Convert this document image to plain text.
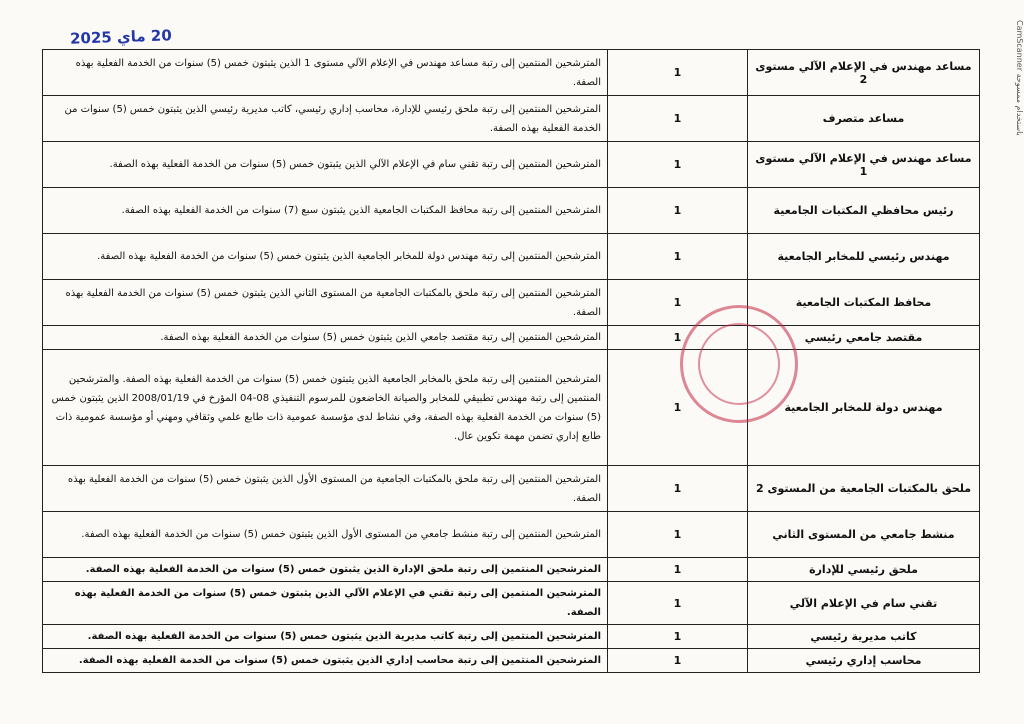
20 ماي 2025	CamScanner باستخدام ممسوحة
مساعد مهندس في الإعلام الآلي مستوى 2	1	المترشحين المنتمين إلى رتبة مساعد مهندس في الإعلام الآلي مستوى 1 الذين يثبتون خمس (5) سنوات من الخدمة الفعلية بهذه الصفة.
مساعد متصرف	1	المترشحين المنتمين إلى رتبة ملحق رئيسي للإدارة، محاسب إداري رئيسي، كاتب مديرية رئيسي الذين يثبتون خمس (5) سنوات من الخدمة الفعلية بهذه الصفة.
مساعد مهندس في الإعلام الآلي مستوى 1	1	المترشحين المنتمين إلى رتبة تقني سام في الإعلام الآلي الذين يثبتون خمس (5) سنوات من الخدمة الفعلية بهذه الصفة.
رئيس محافظي المكتبات الجامعية	1	المترشحين المنتمين إلى رتبة محافظ المكتبات الجامعية الذين يثبتون سبع (7) سنوات من الخدمة الفعلية بهذه الصفة.
مهندس رئيسي للمخابر الجامعية	1	المترشحين المنتمين إلى رتبة مهندس دولة للمخابر الجامعية الذين يثبتون خمس (5) سنوات من الخدمة الفعلية بهذه الصفة.
محافظ المكتبات الجامعية	1	المترشحين المنتمين إلى رتبة ملحق بالمكتبات الجامعية من المستوى الثاني الذين يثبتون خمس (5) سنوات من الخدمة الفعلية بهذه الصفة.
مقتصد جامعي رئيسي	1	المترشحين المنتمين إلى رتبة مقتصد جامعي الذين يثبتون خمس (5) سنوات من الخدمة الفعلية بهذه الصفة.
مهندس دولة للمخابر الجامعية	1	المترشحين المنتمين إلى رتبة ملحق بالمخابر الجامعية الذين يثبتون خمس (5) سنوات من الخدمة الفعلية بهذه الصفة. والمترشحين المنتمين إلى رتبة مهندس تطبيقي للمخابر والصيانة الخاضعون للمرسوم التنفيذي 08-04 المؤرخ في 2008/01/19 الذين يثبتون خمس (5) سنوات من الخدمة الفعلية بهذه الصفة، وفي نشاط لدى مؤسسة عمومية ذات طابع علمي وثقافي ومهني أو مؤسسة عمومية ذات طابع إداري تضمن مهمة تكوين عال.
ملحق بالمكتبات الجامعية من المستوى 2	1	المترشحين المنتمين إلى رتبة ملحق بالمكتبات الجامعية من المستوى الأول الذين يثبتون خمس (5) سنوات من الخدمة الفعلية بهذه الصفة.
منشط جامعي من المستوى الثاني	1	المترشحين المنتمين إلى رتبة منشط جامعي من المستوى الأول الذين يثبتون خمس (5) سنوات من الخدمة الفعلية بهذه الصفة.
ملحق رئيسي للإدارة	1	المترشحين المنتمين إلى رتبة ملحق الإدارة الذين يثبتون خمس (5) سنوات من الخدمة الفعلية بهذه الصفة.
تقني سام في الإعلام الآلي	1	المترشحين المنتمين إلى رتبة تقني في الإعلام الآلي الذين يثبتون خمس (5) سنوات من الخدمة الفعلية بهذه الصفة.
كاتب مديرية رئيسي	1	المترشحين المنتمين إلى رتبة كاتب مديرية الذين يثبتون خمس (5) سنوات من الخدمة الفعلية بهذه الصفة.
محاسب إداري رئيسي	1	المترشحين المنتمين إلى رتبة محاسب إداري الذين يثبتون خمس (5) سنوات من الخدمة الفعلية بهذه الصفة.
